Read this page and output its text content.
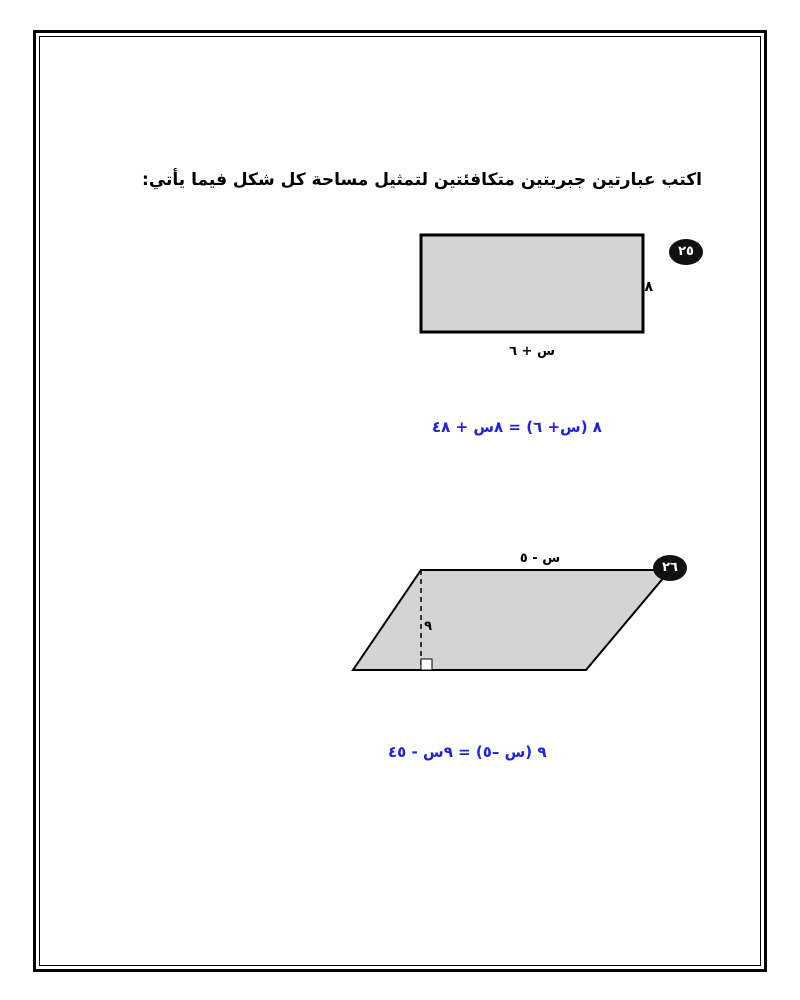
اكتب عبارتين جبريتين متكافئتين لتمثيل مساحة كل شكل فيما يأتي:
٨
س + ٦
٢٥
٨ (س+ ٦) = ٨س + ٤٨
س - ٥
٩
٢٦
٩ (س –٥) = ٩س - ٤٥
